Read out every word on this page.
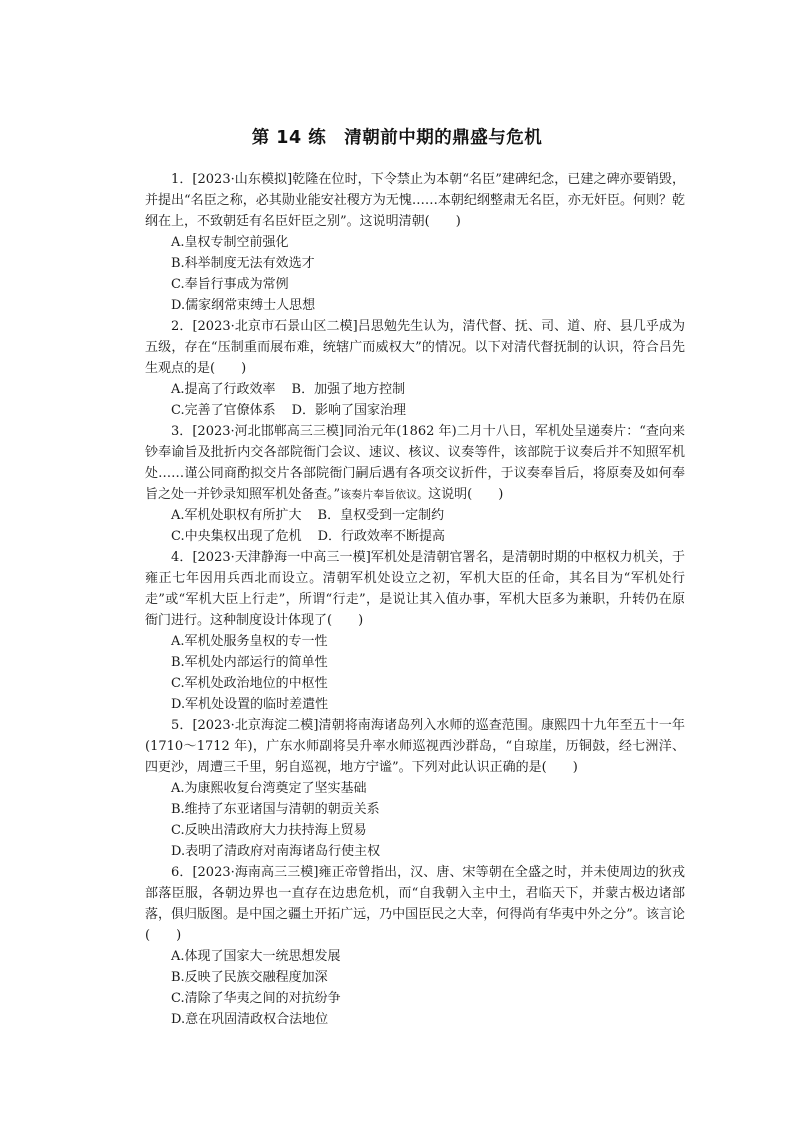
第 14 练　清朝前中期的鼎盛与危机

1．[2023·山东模拟]乾隆在位时，下令禁止为本朝“名臣”建碑纪念，已建之碑亦要销毁，并提出“名臣之称，必其勋业能安社稷方为无愧……本朝纪纲整肃无名臣，亦无奸臣。何则？乾纲在上，不致朝廷有名臣奸臣之别”。这说明清朝(　　)

A.皇权专制空前强化

B.科举制度无法有效选才

C.奉旨行事成为常例

D.儒家纲常束缚士人思想

2．[2023·北京市石景山区二模]吕思勉先生认为，清代督、抚、司、道、府、县几乎成为五级，存在“压制重而展布难，统辖广而威权大”的情况。以下对清代督抚制的认识，符合吕先生观点的是(　　)

A.提高了行政效率 B．加强了地方控制

C.完善了官僚体系 D．影响了国家治理

3．[2023·河北邯郸高三三模]同治元年(1862 年)二月十八日，军机处呈递奏片：“查向来钞奉谕旨及批折内交各部院衙门会议、速议、核议、议奏等件，该部院于议奏后并不知照军机处……谨公同商酌拟交片各部院衙门嗣后遇有各项交议折件，于议奏奉旨后，将原奏及如何奉旨之处一并钞录知照军机处备查。”该奏片奉旨依议。这说明(　　)

A.军机处职权有所扩大 B．皇权受到一定制约

C.中央集权出现了危机 D．行政效率不断提高

4．[2023·天津静海一中高三一模]军机处是清朝官署名，是清朝时期的中枢权力机关，于雍正七年因用兵西北而设立。清朝军机处设立之初，军机大臣的任命，其名目为“军机处行走”或“军机大臣上行走”，所谓“行走”，是说让其入值办事，军机大臣多为兼职，升转仍在原衙门进行。这种制度设计体现了(　　)

A.军机处服务皇权的专一性

B.军机处内部运行的简单性

C.军机处政治地位的中枢性

D.军机处设置的临时差遣性

5．[2023·北京海淀二模]清朝将南海诸岛列入水师的巡查范围。康熙四十九年至五十一年(1710～1712 年)，广东水师副将吴升率水师巡视西沙群岛，“自琼崖，历铜鼓，经七洲洋、四更沙，周遭三千里，躬自巡视，地方宁谧”。下列对此认识正确的是(　　)

A.为康熙收复台湾奠定了坚实基础

B.维持了东亚诸国与清朝的朝贡关系

C.反映出清政府大力扶持海上贸易

D.表明了清政府对南海诸岛行使主权

6．[2023·海南高三三模]雍正帝曾指出，汉、唐、宋等朝在全盛之时，并未使周边的狄戎部落臣服，各朝边界也一直存在边患危机，而“自我朝入主中土，君临天下，并蒙古极边诸部落，俱归版图。是中国之疆土开拓广远，乃中国臣民之大幸，何得尚有华夷中外之分”。该言论(　　)

A.体现了国家大一统思想发展

B.反映了民族交融程度加深

C.清除了华夷之间的对抗纷争

D.意在巩固清政权合法地位
